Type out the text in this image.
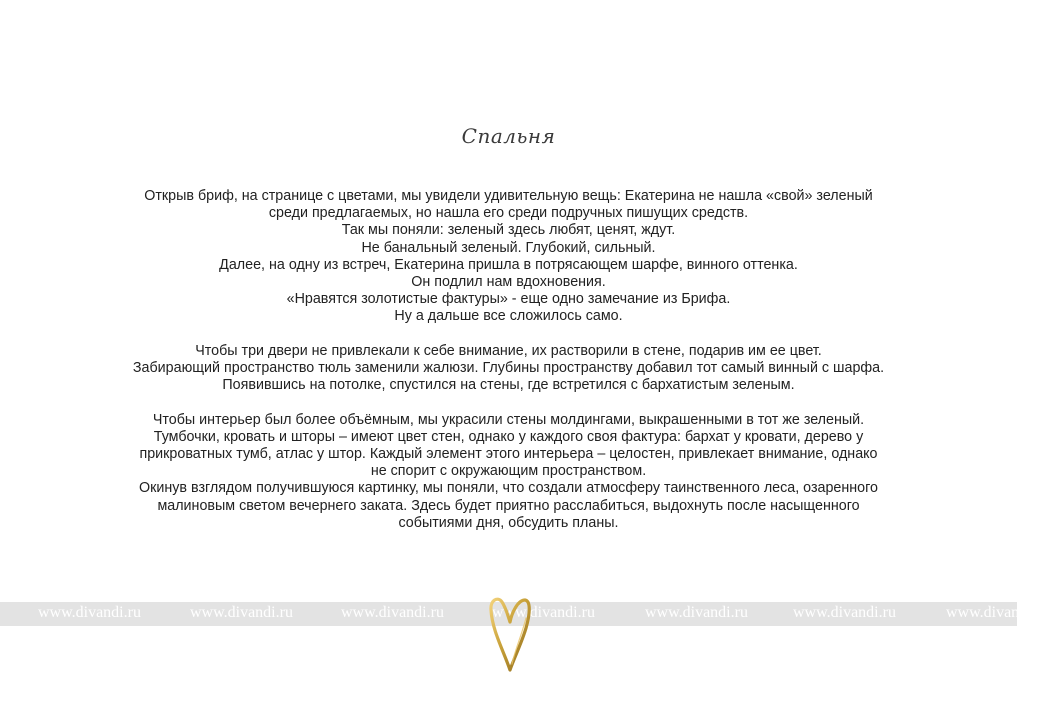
Спальня
Открыв бриф, на странице с цветами, мы увидели удивительную вещь: Екатерина не нашла «свой» зеленый
среди предлагаемых, но нашла его среди подручных пишущих средств.
Так мы поняли: зеленый здесь любят, ценят, ждут.
Не банальный зеленый. Глубокий, сильный.
Далее, на одну из встреч, Екатерина пришла в потрясающем шарфе, винного оттенка.
Он подлил нам вдохновения.
«Нравятся золотистые фактуры» - еще одно замечание из Брифа.
Ну а дальше все сложилось само.
Чтобы три двери не привлекали к себе внимание, их растворили в стене, подарив им ее цвет.
Забирающий пространство тюль заменили жалюзи. Глубины пространству добавил тот самый винный с шарфа.
Появившись на потолке, спустился на стены, где встретился с бархатистым зеленым.
Чтобы интерьер был более объёмным, мы украсили стены молдингами, выкрашенными в тот же зеленый.
Тумбочки, кровать и шторы – имеют цвет стен, однако у каждого своя фактура: бархат у кровати, дерево у
прикроватных тумб, атлас у штор. Каждый элемент этого интерьера – целостен, привлекает внимание, однако
не спорит с окружающим пространством.
Окинув взглядом получившуюся картинку, мы поняли, что создали атмосферу таинственного леса, озаренного
малиновым светом вечернего заката. Здесь будет приятно расслабиться, выдохнуть после насыщенного
событиями дня, обсудить планы.
www.divandi.ru	www.divandi.ru	www.divandi.ru	www.divandi.ru	www.divandi.ru	www.divandi.ru	www.divandi.ru
